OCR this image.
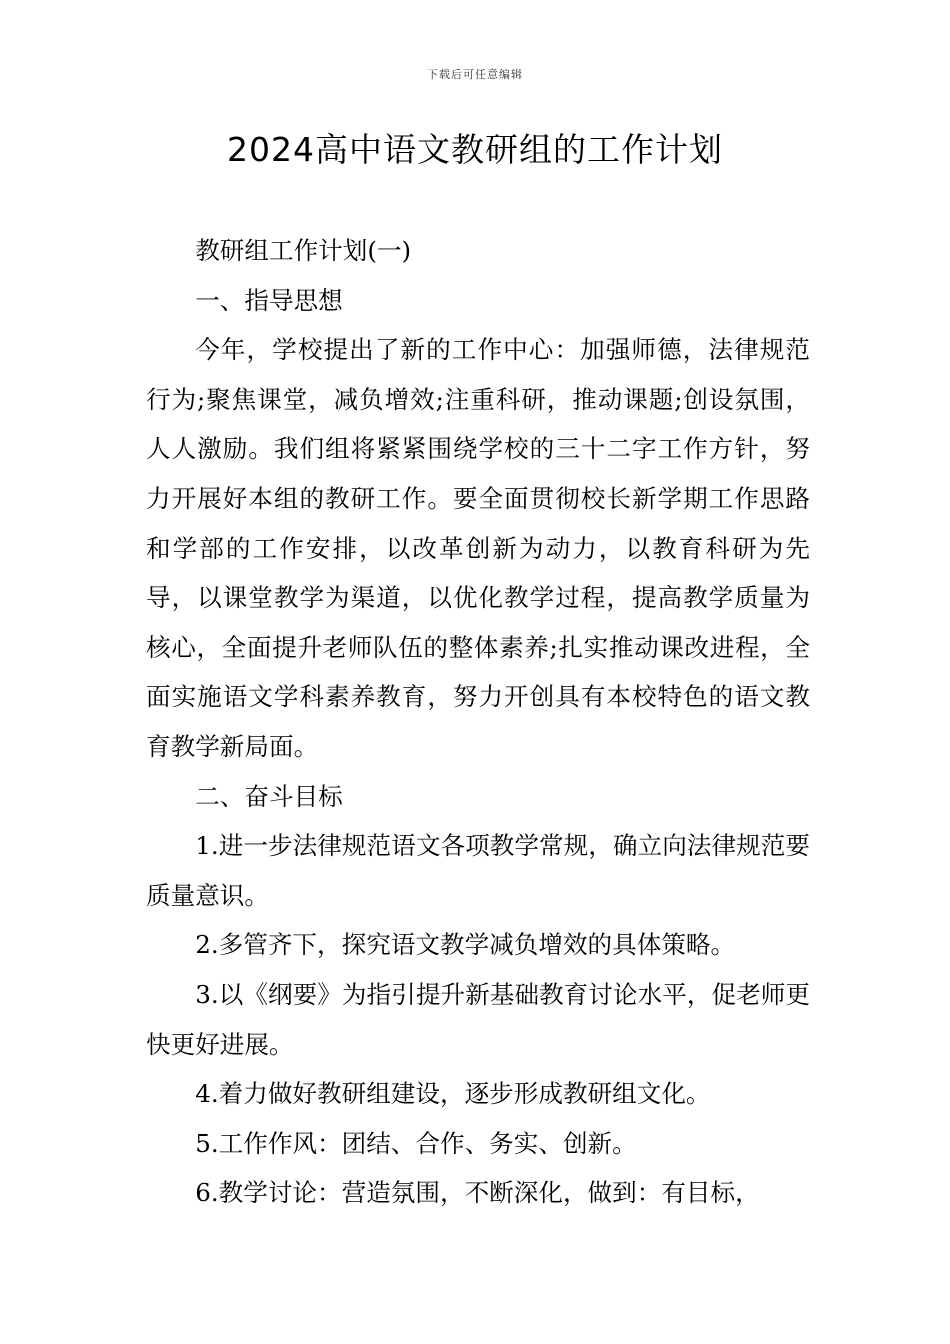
下载后可任意编辑
2024高中语文教研组的工作计划

教研组工作计划(一)

一、指导思想

今年，学校提出了新的工作中心：加强师德，法律规范行为;聚焦课堂，减负增效;注重科研，推动课题;创设氛围，人人激励。我们组将紧紧围绕学校的三十二字工作方针，努力开展好本组的教研工作。要全面贯彻校长新学期工作思路和学部的工作安排，以改革创新为动力，以教育科研为先导，以课堂教学为渠道，以优化教学过程，提高教学质量为核心，全面提升老师队伍的整体素养;扎实推动课改进程，全面实施语文学科素养教育，努力开创具有本校特色的语文教育教学新局面。

二、奋斗目标

1.进一步法律规范语文各项教学常规，确立向法律规范要质量意识。

2.多管齐下，探究语文教学减负增效的具体策略。

3.以《纲要》为指引提升新基础教育讨论水平，促老师更快更好进展。

4.着力做好教研组建设，逐步形成教研组文化。

5.工作作风：团结、合作、务实、创新。

6.教学讨论：营造氛围，不断深化，做到：有目标，
